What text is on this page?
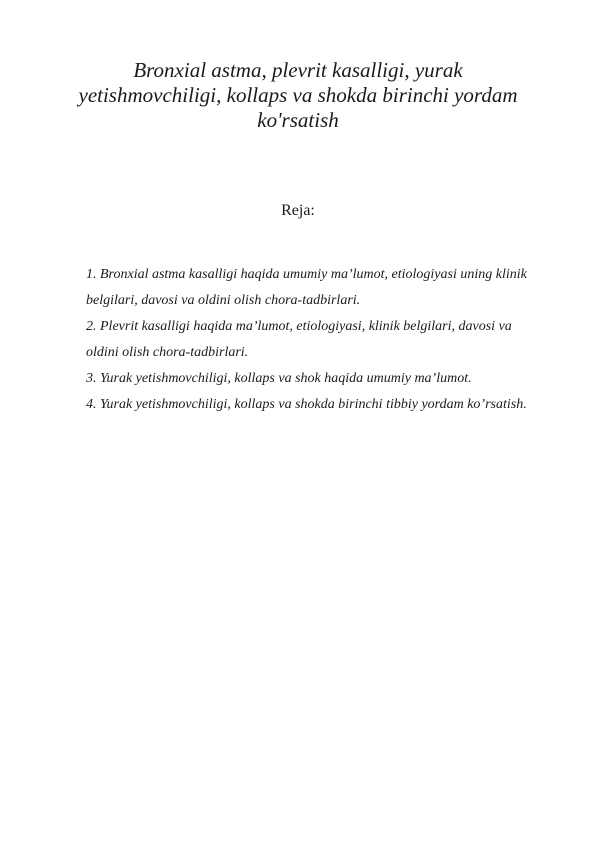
Bronxial astma, plevrit kasalligi, yurak yetishmovchiligi, kollaps va shokda birinchi yordam ko'rsatish

Reja:

1. Bronxial astma kasalligi haqida umumiy ma’lumot, etiologiyasi uning klinik belgilari, davosi va oldini olish chora-tadbirlari.
2. Plevrit kasalligi haqida ma’lumot, etiologiyasi, klinik belgilari, davosi va oldini olish chora-tadbirlari.
3. Yurak yetishmovchiligi, kollaps va shok haqida umumiy ma’lumot.
4. Yurak yetishmovchiligi, kollaps va shokda birinchi tibbiy yordam ko’rsatish.
